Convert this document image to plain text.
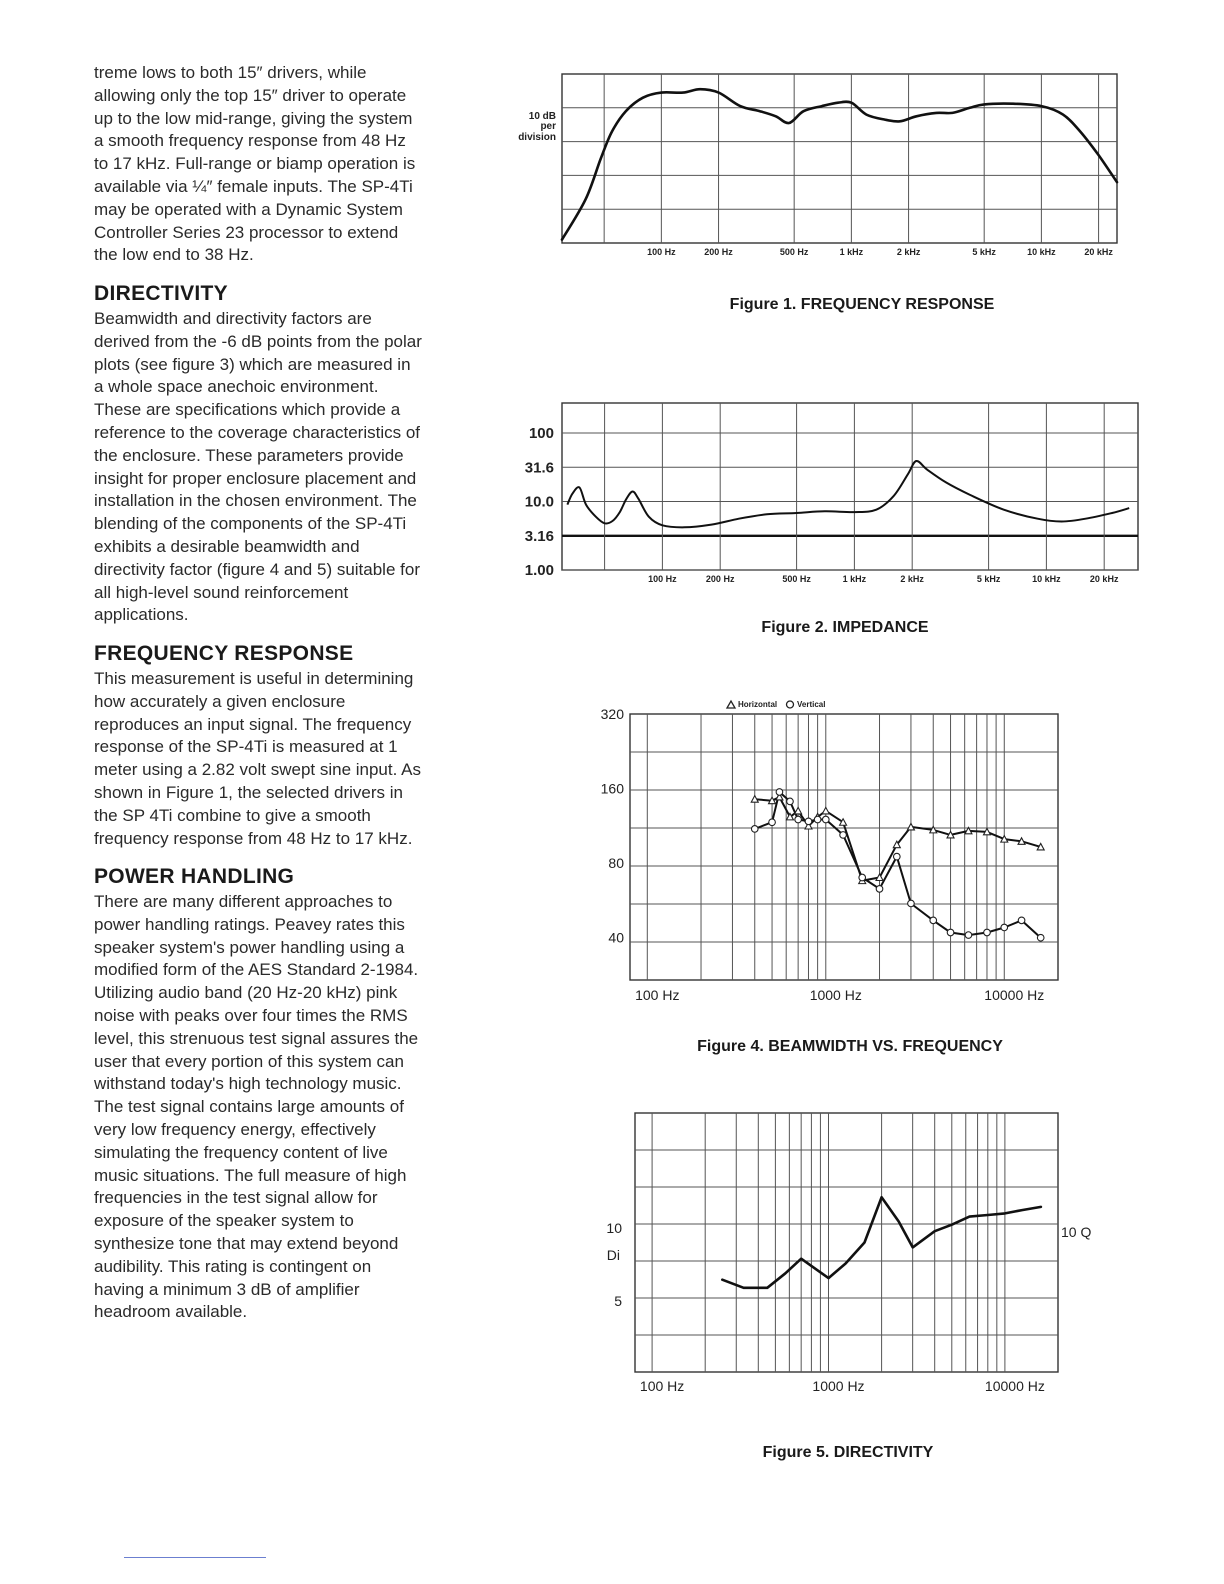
treme lows to both 15″ drivers, while allowing only the top 15″ driver to operate up to the low mid-range, giving the system a smooth frequency response from 48 Hz to 17 kHz. Full-range or biamp operation is available via ¼″ female inputs. The SP-4Ti may be operated with a Dynamic System Controller Series 23 processor to extend the low end to 38 Hz.

DIRECTIVITY

Beamwidth and directivity factors are derived from the -6 dB points from the polar plots (see figure 3) which are measured in a whole space anechoic environment. These are specifications which provide a reference to the coverage characteristics of the enclosure. These parameters provide insight for proper enclosure placement and installation in the chosen environment. The blending of the components of the SP-4Ti exhibits a desirable beamwidth and directivity factor (figure 4 and 5) suitable for all high-level sound reinforcement applications.

FREQUENCY RESPONSE

This measurement is useful in determining how accurately a given enclosure reproduces an input signal. The frequency response of the SP-4Ti is measured at 1 meter using a 2.82 volt swept sine input. As shown in Figure 1, the selected drivers in the SP 4Ti combine to give a smooth frequency response from 48 Hz to 17 kHz.

POWER HANDLING

There are many different approaches to power handling ratings. Peavey rates this speaker system's power handling using a modified form of the AES Standard 2-1984. Utilizing audio band (20 Hz-20 kHz) pink noise with peaks over four times the RMS level, this strenuous test signal assures the user that every portion of this system can withstand today's high technology music. The test signal contains large amounts of very low frequency energy, effectively simulating the frequency content of live music situations. The full measure of high frequencies in the test signal allow for exposure of the speaker system to synthesize tone that may extend beyond audibility. This rating is contingent on having a minimum 3 dB of amplifier headroom available.

100 Hz	200 Hz	500 Hz	1 kHz	2 kHz	5 kHz	10 kHz	20 kHz
10 dB
per
division
Figure 1. FREQUENCY RESPONSE
100
31.6
10.0
3.16
1.00	100 Hz	200 Hz	500 Hz	1 kHz	2 kHz	5 kHz	10 kHz	20 kHz
Figure 2. IMPEDANCE
Horizontal Vertical
320
160
80
40
100 Hz	1000 Hz	10000 Hz
Figure 4. BEAMWIDTH VS. FREQUENCY
100 Hz	1000 Hz	10000 Hz
10
Di
5
10 Q
Figure 5. DIRECTIVITY
